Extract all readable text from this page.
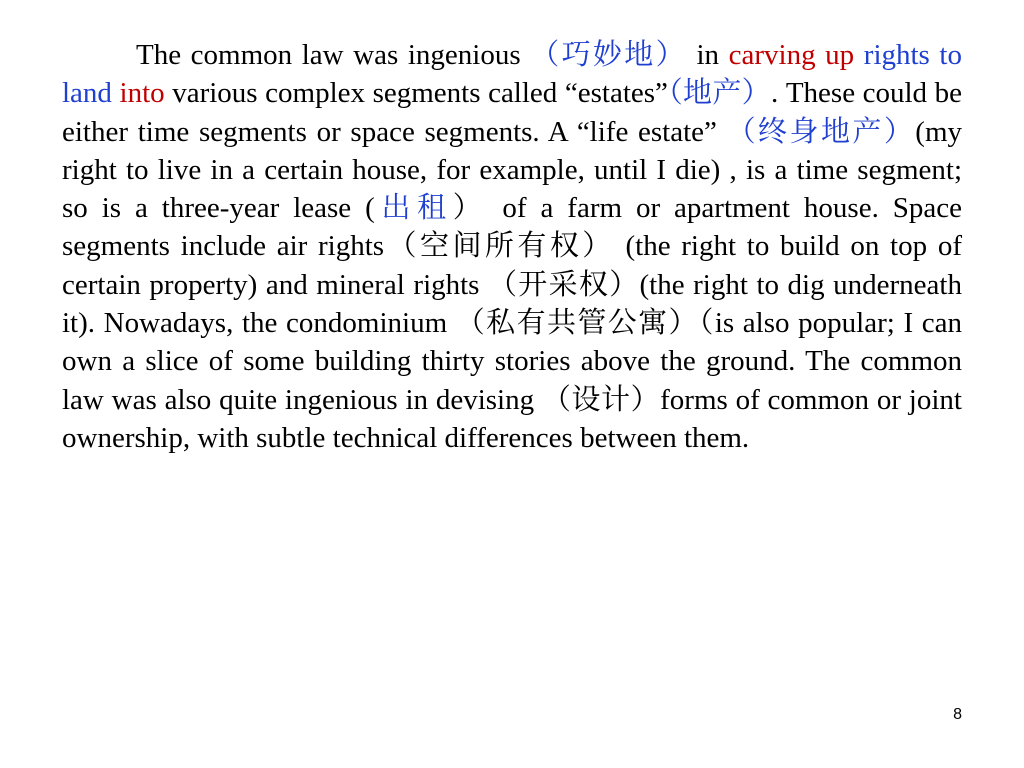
The common law was ingenious （巧妙地） in carving up rights to land into various complex segments called “estates”（地产）. These could be either time segments or space segments. A “life estate” （终身地产）(my right to live in a certain house, for example, until I die) , is a time segment; so is a three-year lease (出租） of a farm or apartment house. Space segments include air rights（空间所有权） (the right to build on top of certain property) and mineral rights （开采权）(the right to dig underneath it). Nowadays, the condominium （私有共管公寓）（is also popular; I can own a slice of some building thirty stories above the ground. The common law was also quite ingenious in devising （设计）forms of common or joint ownership, with subtle technical differences between them.

8
